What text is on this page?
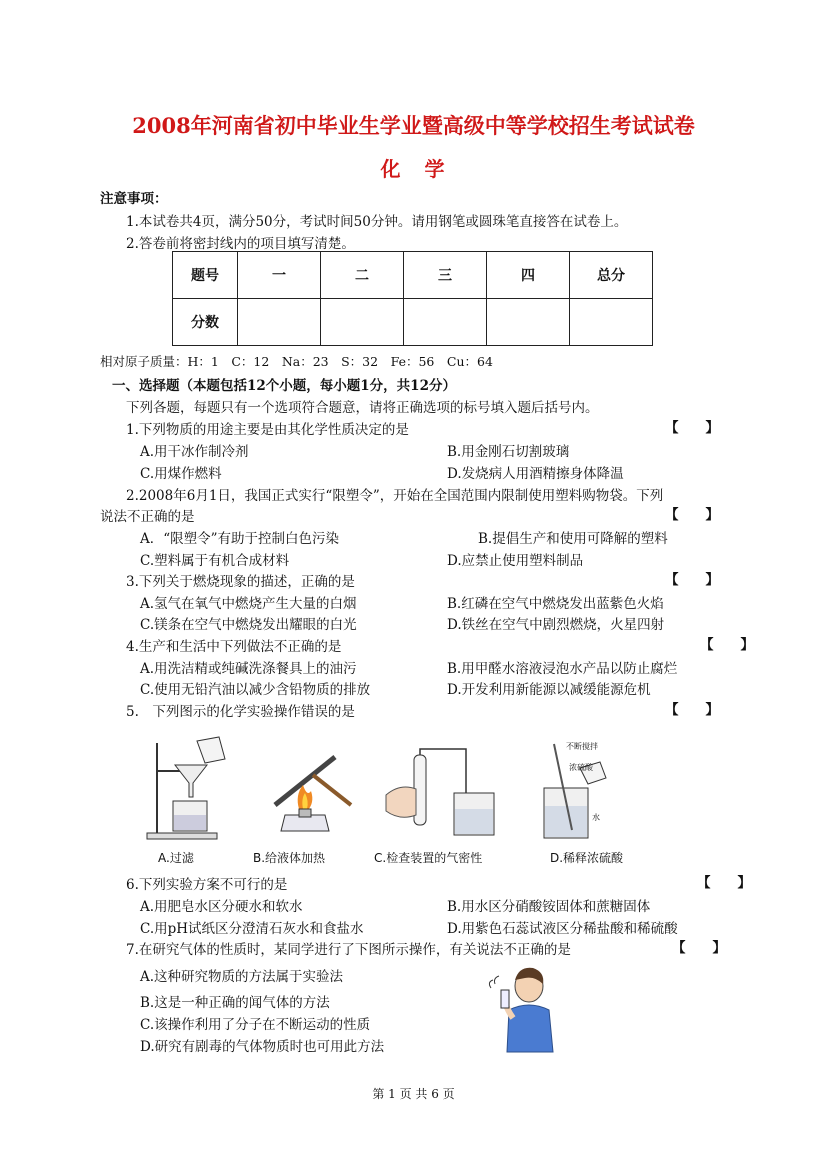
2008年河南省初中毕业生学业暨高级中等学校招生考试试卷
化　学
注意事项：
1.本试卷共4页，满分50分，考试时间50分钟。请用钢笔或圆珠笔直接答在试卷上。
2.答卷前将密封线内的项目填写清楚。
题号	一	二	三	四	总分
分数					
相对原子质量：H：1　C：12　Na：23　S：32　Fe：56　Cu：64
一、选择题（本题包括12个小题，每小题1分，共12分）
下列各题，每题只有一个选项符合题意，请将正确选项的标号填入题后括号内。
1.下列物质的用途主要是由其化学性质决定的是	【　　】
A.用干冰作制冷剂	B.用金刚石切割玻璃
C.用煤作燃料	D.发烧病人用酒精擦身体降温
2.2008年6月1日，我国正式实行“限塑令”，开始在全国范围内限制使用塑料购物袋。下列
说法不正确的是	【　　】
A．“限塑令”有助于控制白色污染	B.提倡生产和使用可降解的塑料
C.塑料属于有机合成材料	D.应禁止使用塑料制品
3.下列关于燃烧现象的描述，正确的是	【　　】
A.氢气在氧气中燃烧产生大量的白烟	B.红磷在空气中燃烧发出蓝紫色火焰
C.镁条在空气中燃烧发出耀眼的白光	D.铁丝在空气中剧烈燃烧，火星四射
4.生产和生活中下列做法不正确的是	【　　】
A.用洗洁精或纯碱洗涤餐具上的油污	B.用甲醛水溶液浸泡水产品以防止腐烂
C.使用无铅汽油以减少含铅物质的排放	D.开发利用新能源以减缓能源危机
5.　下列图示的化学实验操作错误的是	【　　】
A.过滤	B.给液体加热	C.检查装置的气密性
不断搅拌
浓硫酸
水
D.稀释浓硫酸
6.下列实验方案不可行的是	【　　】
A.用肥皂水区分硬水和软水	B.用水区分硝酸铵固体和蔗糖固体
C.用pH试纸区分澄清石灰水和食盐水	D.用紫色石蕊试液区分稀盐酸和稀硫酸
7.在研究气体的性质时，某同学进行了下图所示操作，有关说法不正确的是	【　　】
A.这种研究物质的方法属于实验法
B.这是一种正确的闻气体的方法
C.该操作利用了分子在不断运动的性质
D.研究有剧毒的气体物质时也可用此方法
第 1 页 共 6 页
